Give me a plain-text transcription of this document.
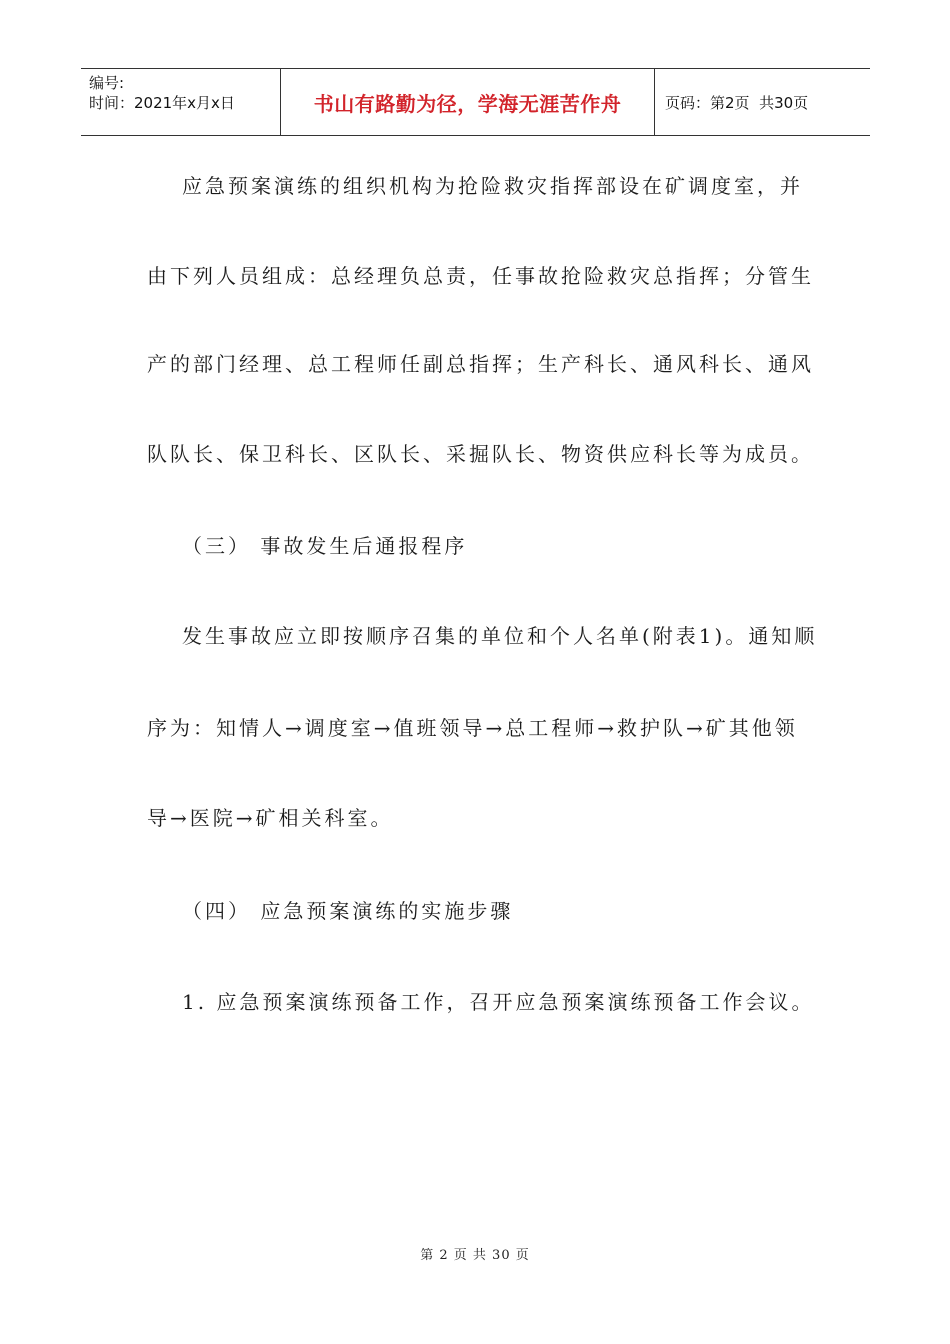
编号:
时间：2021年x月x日	书山有路勤为径，学海无涯苦作舟	页码：第2页  共30页
应急预案演练的组织机构为抢险救灾指挥部设在矿调度室，并
由下列人员组成：总经理负总责，任事故抢险救灾总指挥；分管生
产的部门经理、总工程师任副总指挥；生产科长、通风科长、通风
队队长、保卫科长、区队长、采掘队长、物资供应科长等为成员。
（三） 事故发生后通报程序
发生事故应立即按顺序召集的单位和个人名单(附表1)。通知顺
序为：知情人→调度室→值班领导→总工程师→救护队→矿其他领
导→医院→矿相关科室。
（四） 应急预案演练的实施步骤
1. 应急预案演练预备工作，召开应急预案演练预备工作会议。
第 2 页 共 30 页
